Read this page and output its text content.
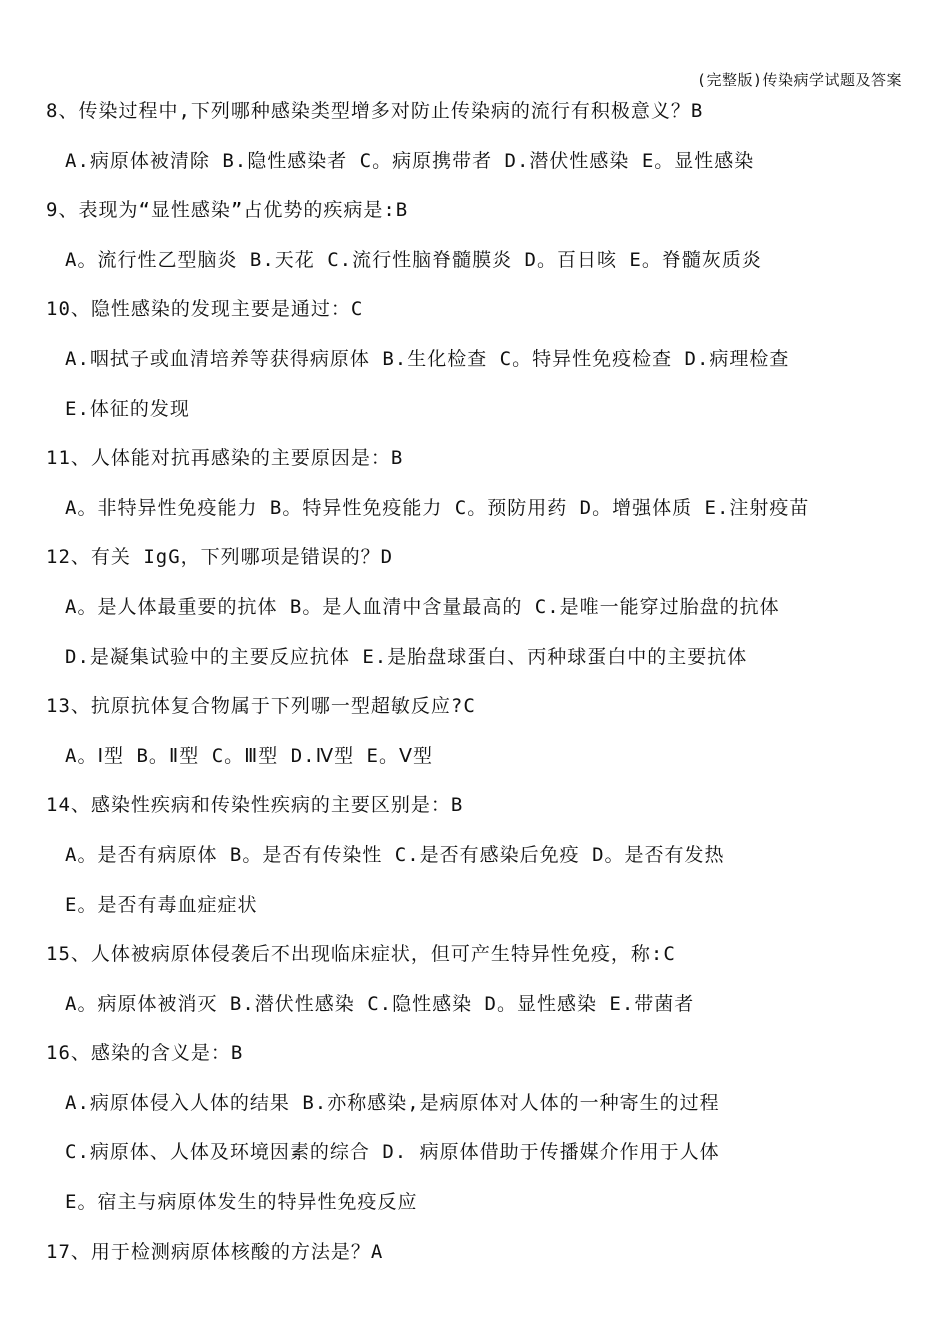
(完整版)传染病学试题及答案
8、传染过程中,下列哪种感染类型增多对防止传染病的流行有积极意义？B
A.病原体被清除 B.隐性感染者 C。病原携带者 D.潜伏性感染 E。显性感染
9、表现为“显性感染”占优势的疾病是:B
A。流行性乙型脑炎 B.天花 C.流行性脑脊髓膜炎 D。百日咳 E。脊髓灰质炎
10、隐性感染的发现主要是通过：C
A.咽拭子或血清培养等获得病原体 B.生化检查 C。特异性免疫检查 D.病理检查
E.体征的发现
11、人体能对抗再感染的主要原因是：B
A。非特异性免疫能力 B。特异性免疫能力 C。预防用药 D。增强体质 E.注射疫苗
12、有关 IgG，下列哪项是错误的？D
A。是人体最重要的抗体 B。是人血清中含量最高的 C.是唯一能穿过胎盘的抗体
D.是凝集试验中的主要反应抗体 E.是胎盘球蛋白、丙种球蛋白中的主要抗体
13、抗原抗体复合物属于下列哪一型超敏反应?C
A。Ⅰ型 B。Ⅱ型 C。Ⅲ型 D.Ⅳ型 E。Ⅴ型
14、感染性疾病和传染性疾病的主要区别是：B
A。是否有病原体 B。是否有传染性 C.是否有感染后免疫 D。是否有发热
E。是否有毒血症症状
15、人体被病原体侵袭后不出现临床症状，但可产生特异性免疫，称:C
A。病原体被消灭 B.潜伏性感染 C.隐性感染 D。显性感染 E.带菌者
16、感染的含义是：B
A.病原体侵入人体的结果 B.亦称感染,是病原体对人体的一种寄生的过程
C.病原体、人体及环境因素的综合 D. 病原体借助于传播媒介作用于人体
E。宿主与病原体发生的特异性免疫反应
17、用于检测病原体核酸的方法是？A
